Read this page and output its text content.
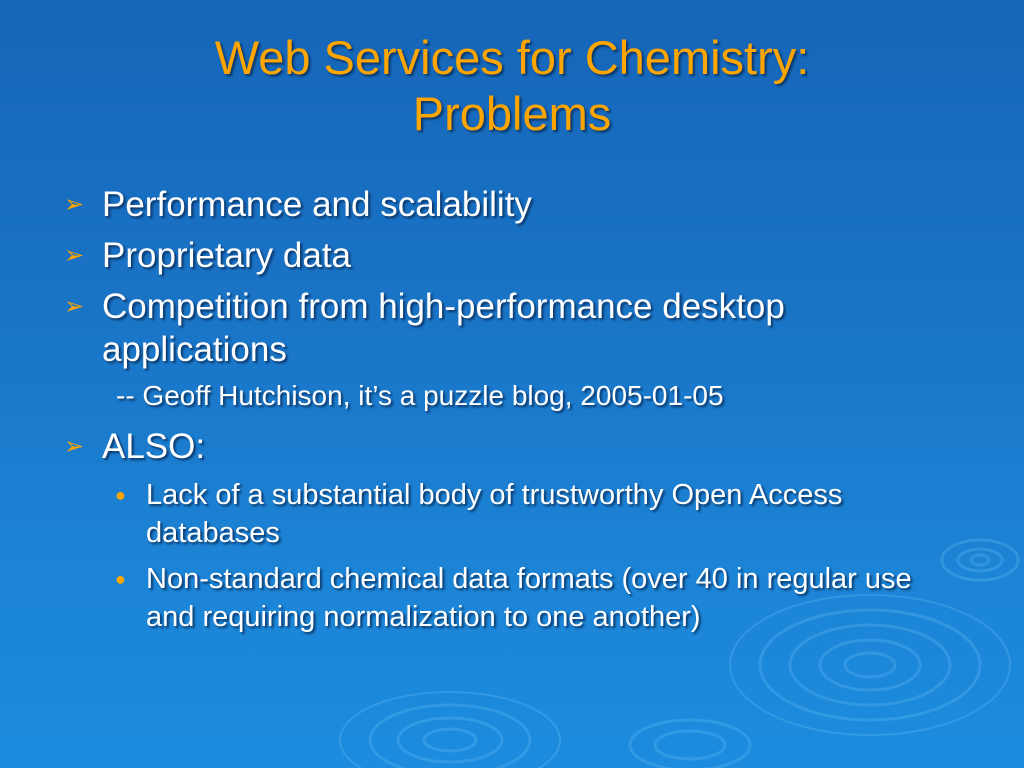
Web Services for Chemistry:
Problems
➢ Performance and scalability
➢ Proprietary data
➢ Competition from high-performance desktop applications
-- Geoff Hutchison, it’s a puzzle blog, 2005-01-05
➢ ALSO:
● Lack of a substantial body of trustworthy Open Access databases
● Non-standard chemical data formats (over 40 in regular use and requiring normalization to one another)
